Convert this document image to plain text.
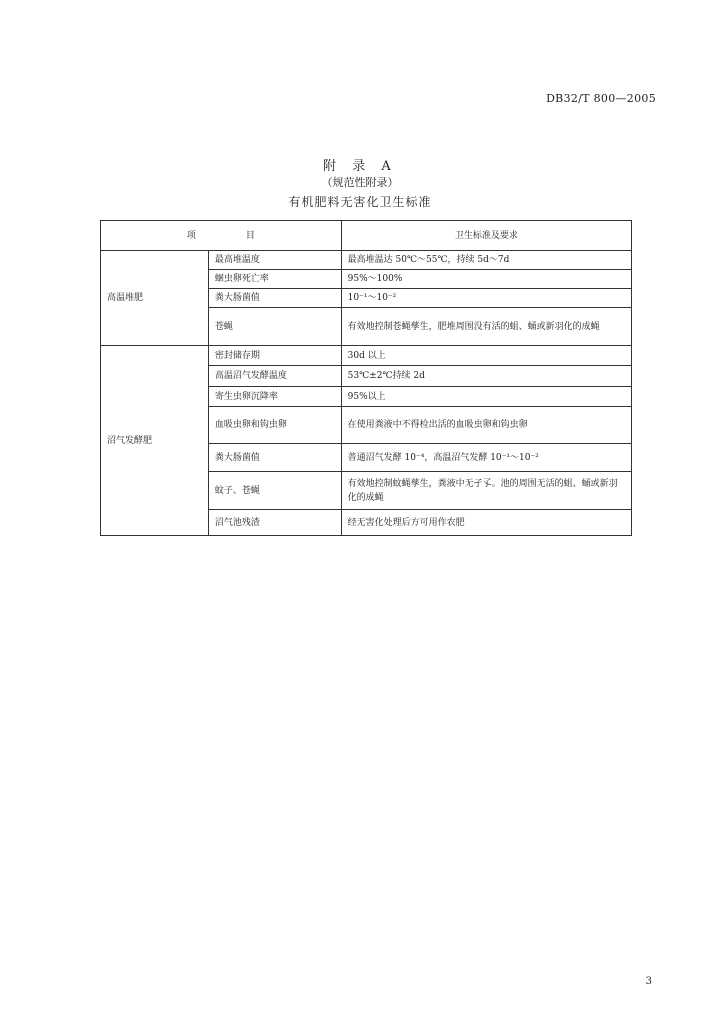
DB32/T 800—2005
附 录 A
（规范性附录）
有机肥料无害化卫生标准
项目		卫生标准及要求
高温堆肥	最高堆温度	最高堆温达 50℃～55℃，持续 5d～7d
	蛔虫卵死亡率	95%～100%
	粪大肠菌值	10⁻¹～10⁻²
	苍蝇	有效地控制苍蝇孳生，肥堆周围没有活的蛆、蛹或新羽化的成蝇
沼气发酵肥	密封储存期	30d 以上
	高温沼气发酵温度	53℃±2℃持续 2d
	寄生虫卵沉降率	95%以上
	血吸虫卵和钩虫卵	在使用粪液中不得检出活的血吸虫卵和钩虫卵
	粪大肠菌值	普通沼气发酵 10⁻⁴，高温沼气发酵 10⁻¹～10⁻²
	蚊子、苍蝇	有效地控制蚊蝇孳生，粪液中无孑孓。池的周围无活的蛆、蛹或新羽化的成蝇
	沼气池残渣	经无害化处理后方可用作农肥
3
